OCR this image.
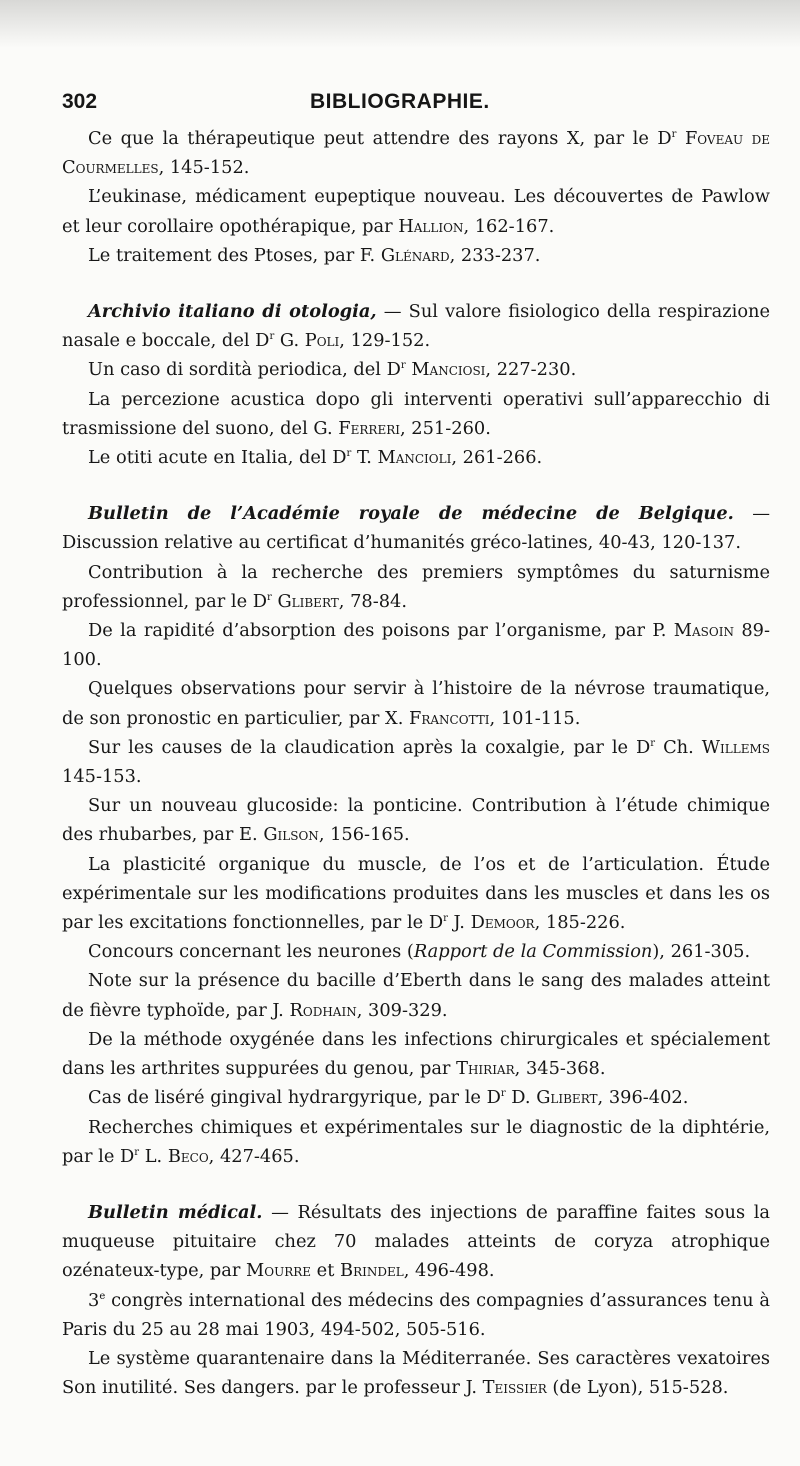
302	BIBLIOGRAPHIE.

Ce que la thérapeutique peut attendre des rayons X, par le $D^r$ Foveau de Courmelles, 145-152.

L’eukinase, médicament eupeptique nouveau. Les découvertes de Pawlow et leur corollaire opothérapique, par Hallion, 162-167.

Le traitement des Ptoses, par F. Glénard, 233-237.

Archivio italiano di otologia, — Sul valore fisiologico della respirazione nasale e boccale, del $D^r$ G. Poli, 129-152.

Un caso di sordità periodica, del $D^r$ Manciosi, 227-230.

La percezione acustica dopo gli interventi operativi sull’apparecchio di trasmissione del suono, del G. Ferreri, 251-260.

Le otiti acute en Italia, del $D^r$ T. Mancioli, 261-266.

Bulletin de l’Académie royale de médecine de Belgique. — Discussion relative au certificat d’humanités gréco-latines, 40-43, 120-137.

Contribution à la recherche des premiers symptômes du saturnisme professionnel, par le $D^r$ Glibert, 78-84.

De la rapidité d’absorption des poisons par l’organisme, par P. Masoin 89-100.

Quelques observations pour servir à l’histoire de la névrose traumatique, de son pronostic en particulier, par X. Francotti, 101-115.

Sur les causes de la claudication après la coxalgie, par le $D^r$ Ch. Willems 145-153.

Sur un nouveau glucoside: la ponticine. Contribution à l’étude chimique des rhubarbes, par E. Gilson, 156-165.

La plasticité organique du muscle, de l’os et de l’articulation. Étude expérimentale sur les modifications produites dans les muscles et dans les os par les excitations fonctionnelles, par le $D^r$ J. Demoor, 185-226.

Concours concernant les neurones (Rapport de la Commission), 261-305.

Note sur la présence du bacille d’Eberth dans le sang des malades atteint de fièvre typhoïde, par J. Rodhain, 309-329.

De la méthode oxygénée dans les infections chirurgicales et spécialement dans les arthrites suppurées du genou, par Thiriar, 345-368.

Cas de liséré gingival hydrargyrique, par le $D^r$ D. Glibert, 396-402.

Recherches chimiques et expérimentales sur le diagnostic de la diphtérie, par le $D^r$ L. Beco, 427-465.

Bulletin médical. — Résultats des injections de paraffine faites sous la muqueuse pituitaire chez 70 malades atteints de coryza atrophique ozénateux-type, par Mourre et Brindel, 496-498.

3e congrès international des médecins des compagnies d’assurances tenu à Paris du 25 au 28 mai 1903, 494-502, 505-516.

Le système quarantenaire dans la Méditerranée. Ses caractères vexatoires Son inutilité. Ses dangers. par le professeur J. Teissier (de Lyon), 515-528.
